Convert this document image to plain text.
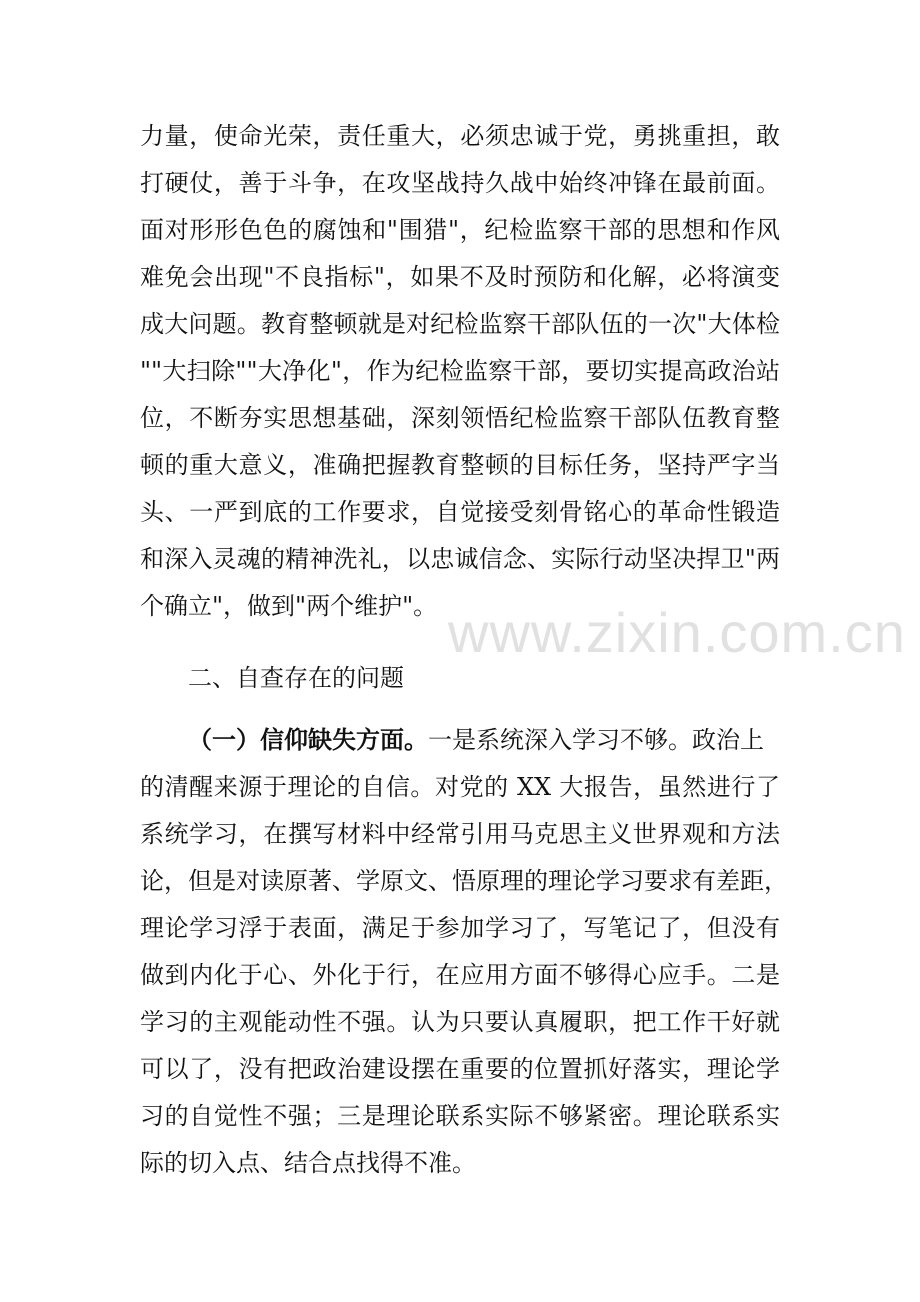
力量，使命光荣，责任重大，必须忠诚于党，勇挑重担，敢
打硬仗，善于斗争，在攻坚战持久战中始终冲锋在最前面。
面对形形色色的腐蚀和"围猎"，纪检监察干部的思想和作风
难免会出现"不良指标"，如果不及时预防和化解，必将演变
成大问题。教育整顿就是对纪检监察干部队伍的一次"大体检
""大扫除""大净化"，作为纪检监察干部，要切实提高政治站
位，不断夯实思想基础，深刻领悟纪检监察干部队伍教育整
顿的重大意义，准确把握教育整顿的目标任务，坚持严字当
头、一严到底的工作要求，自觉接受刻骨铭心的革命性锻造
和深入灵魂的精神洗礼，以忠诚信念、实际行动坚决捍卫"两
个确立"，做到"两个维护"。
二、自查存在的问题
（一）信仰缺失方面。一是系统深入学习不够。政治上
的清醒来源于理论的自信。对党的 XX 大报告，虽然进行了
系统学习，在撰写材料中经常引用马克思主义世界观和方法
论，但是对读原著、学原文、悟原理的理论学习要求有差距，
理论学习浮于表面，满足于参加学习了，写笔记了，但没有
做到内化于心、外化于行，在应用方面不够得心应手。二是
学习的主观能动性不强。认为只要认真履职，把工作干好就
可以了，没有把政治建设摆在重要的位置抓好落实，理论学
习的自觉性不强；三是理论联系实际不够紧密。理论联系实
际的切入点、结合点找得不准。
www.zixin.com.cn
